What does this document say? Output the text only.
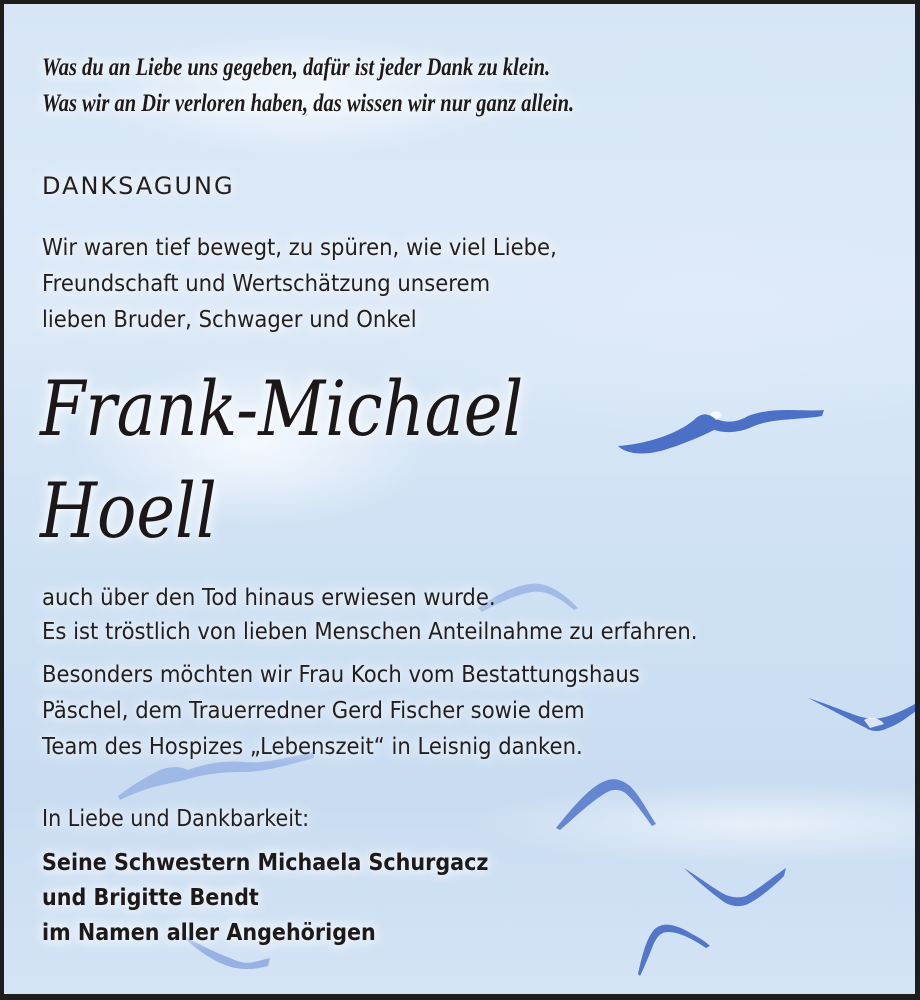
Was du an Liebe uns gegeben, dafür ist jeder Dank zu klein.
Was wir an Dir verloren haben, das wissen wir nur ganz allein.
DANKSAGUNG
Wir waren tief bewegt, zu spüren, wie viel Liebe,
Freundschaft und Wertschätzung unserem
lieben Bruder, Schwager und Onkel
Frank-Michael
Hoell
auch über den Tod hinaus erwiesen wurde.
Es ist tröstlich von lieben Menschen Anteilnahme zu erfahren.
Besonders möchten wir Frau Koch vom Bestattungshaus
Päschel, dem Trauerredner Gerd Fischer sowie dem
Team des Hospizes „Lebenszeit“ in Leisnig danken.
In Liebe und Dankbarkeit:
Seine Schwestern Michaela Schurgacz
und Brigitte Bendt
im Namen aller Angehörigen
